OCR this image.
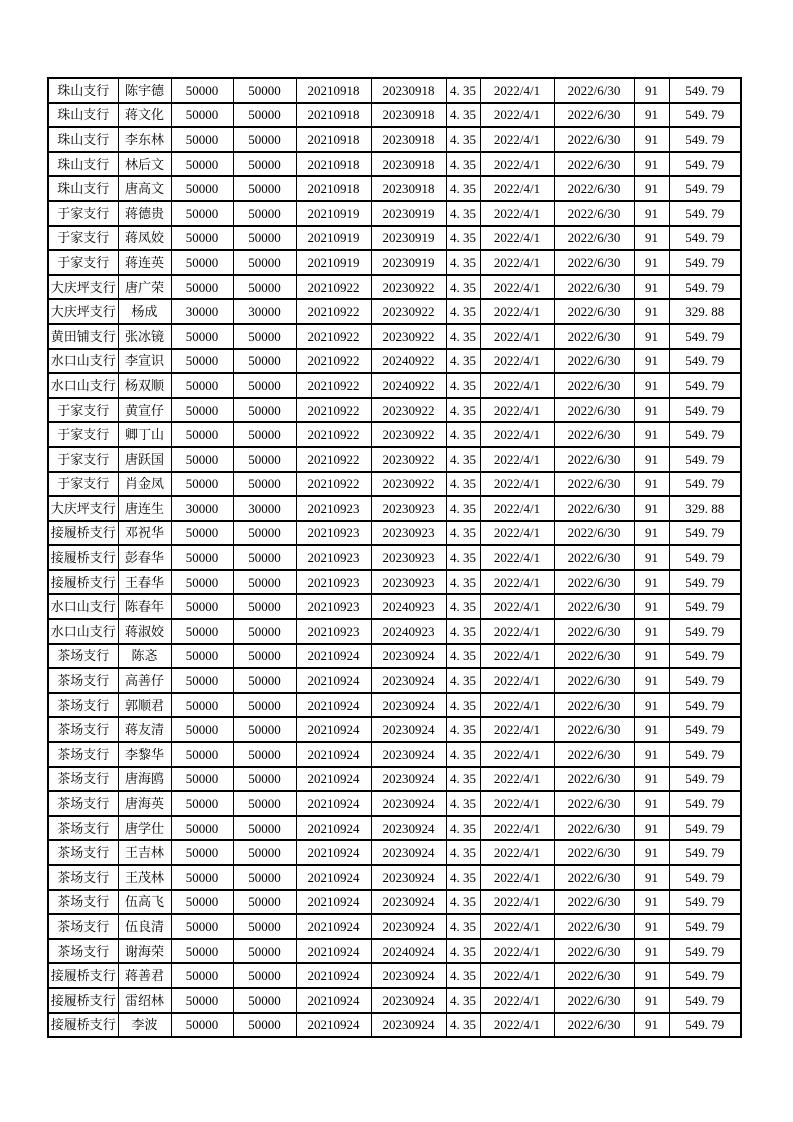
珠山支行	陈宇德	50000	50000	20210918	20230918	4. 35	2022/4/1	2022/6/30	91	549. 79
珠山支行	蒋文化	50000	50000	20210918	20230918	4. 35	2022/4/1	2022/6/30	91	549. 79
珠山支行	李东林	50000	50000	20210918	20230918	4. 35	2022/4/1	2022/6/30	91	549. 79
珠山支行	林后文	50000	50000	20210918	20230918	4. 35	2022/4/1	2022/6/30	91	549. 79
珠山支行	唐高文	50000	50000	20210918	20230918	4. 35	2022/4/1	2022/6/30	91	549. 79
于家支行	蒋德贵	50000	50000	20210919	20230919	4. 35	2022/4/1	2022/6/30	91	549. 79
于家支行	蒋凤姣	50000	50000	20210919	20230919	4. 35	2022/4/1	2022/6/30	91	549. 79
于家支行	蒋连英	50000	50000	20210919	20230919	4. 35	2022/4/1	2022/6/30	91	549. 79
大庆坪支行	唐广荣	50000	50000	20210922	20230922	4. 35	2022/4/1	2022/6/30	91	549. 79
大庆坪支行	杨成	30000	30000	20210922	20230922	4. 35	2022/4/1	2022/6/30	91	329. 88
黄田铺支行	张冰镜	50000	50000	20210922	20230922	4. 35	2022/4/1	2022/6/30	91	549. 79
水口山支行	李宣识	50000	50000	20210922	20240922	4. 35	2022/4/1	2022/6/30	91	549. 79
水口山支行	杨双顺	50000	50000	20210922	20240922	4. 35	2022/4/1	2022/6/30	91	549. 79
于家支行	黄宣仔	50000	50000	20210922	20230922	4. 35	2022/4/1	2022/6/30	91	549. 79
于家支行	卿丁山	50000	50000	20210922	20230922	4. 35	2022/4/1	2022/6/30	91	549. 79
于家支行	唐跃国	50000	50000	20210922	20230922	4. 35	2022/4/1	2022/6/30	91	549. 79
于家支行	肖金凤	50000	50000	20210922	20230922	4. 35	2022/4/1	2022/6/30	91	549. 79
大庆坪支行	唐连生	30000	30000	20210923	20230923	4. 35	2022/4/1	2022/6/30	91	329. 88
接履桥支行	邓祝华	50000	50000	20210923	20230923	4. 35	2022/4/1	2022/6/30	91	549. 79
接履桥支行	彭春华	50000	50000	20210923	20230923	4. 35	2022/4/1	2022/6/30	91	549. 79
接履桥支行	王春华	50000	50000	20210923	20230923	4. 35	2022/4/1	2022/6/30	91	549. 79
水口山支行	陈春年	50000	50000	20210923	20240923	4. 35	2022/4/1	2022/6/30	91	549. 79
水口山支行	蒋淑姣	50000	50000	20210923	20240923	4. 35	2022/4/1	2022/6/30	91	549. 79
茶场支行	陈忞	50000	50000	20210924	20230924	4. 35	2022/4/1	2022/6/30	91	549. 79
茶场支行	高善仔	50000	50000	20210924	20230924	4. 35	2022/4/1	2022/6/30	91	549. 79
茶场支行	郭顺君	50000	50000	20210924	20230924	4. 35	2022/4/1	2022/6/30	91	549. 79
茶场支行	蒋友清	50000	50000	20210924	20230924	4. 35	2022/4/1	2022/6/30	91	549. 79
茶场支行	李黎华	50000	50000	20210924	20230924	4. 35	2022/4/1	2022/6/30	91	549. 79
茶场支行	唐海鸥	50000	50000	20210924	20230924	4. 35	2022/4/1	2022/6/30	91	549. 79
茶场支行	唐海英	50000	50000	20210924	20230924	4. 35	2022/4/1	2022/6/30	91	549. 79
茶场支行	唐学仕	50000	50000	20210924	20230924	4. 35	2022/4/1	2022/6/30	91	549. 79
茶场支行	王吉林	50000	50000	20210924	20230924	4. 35	2022/4/1	2022/6/30	91	549. 79
茶场支行	王茂林	50000	50000	20210924	20230924	4. 35	2022/4/1	2022/6/30	91	549. 79
茶场支行	伍高飞	50000	50000	20210924	20230924	4. 35	2022/4/1	2022/6/30	91	549. 79
茶场支行	伍良清	50000	50000	20210924	20230924	4. 35	2022/4/1	2022/6/30	91	549. 79
茶场支行	谢海荣	50000	50000	20210924	20240924	4. 35	2022/4/1	2022/6/30	91	549. 79
接履桥支行	蒋善君	50000	50000	20210924	20230924	4. 35	2022/4/1	2022/6/30	91	549. 79
接履桥支行	雷绍林	50000	50000	20210924	20230924	4. 35	2022/4/1	2022/6/30	91	549. 79
接履桥支行	李波	50000	50000	20210924	20230924	4. 35	2022/4/1	2022/6/30	91	549. 79
